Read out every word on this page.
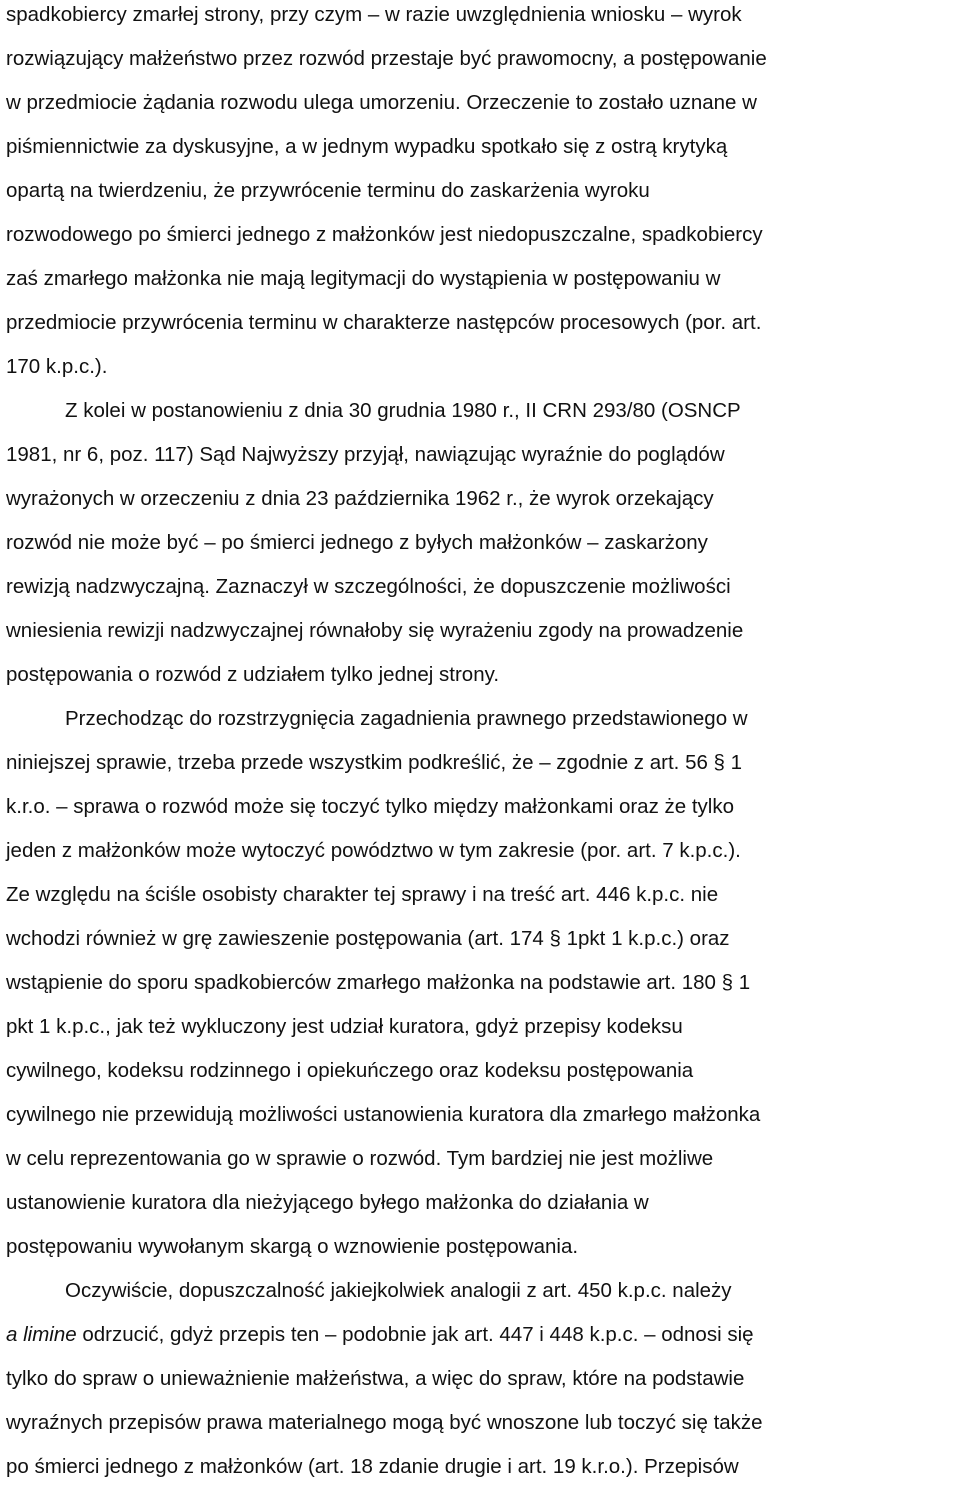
spadkobiercy zmarłej strony, przy czym – w razie uwzględnienia wniosku – wyrok
rozwiązujący małżeństwo przez rozwód przestaje być prawomocny, a postępowanie
w przedmiocie żądania rozwodu ulega umorzeniu. Orzeczenie to zostało uznane w
piśmiennictwie za dyskusyjne, a w jednym wypadku spotkało się z ostrą krytyką
opartą na twierdzeniu, że przywrócenie terminu do zaskarżenia wyroku
rozwodowego po śmierci jednego z małżonków jest niedopuszczalne, spadkobiercy
zaś zmarłego małżonka nie mają legitymacji do wystąpienia w postępowaniu w
przedmiocie przywrócenia terminu w charakterze następców procesowych (por. art.
170 k.p.c.).
Z kolei w postanowieniu z dnia 30 grudnia 1980 r., II CRN 293/80 (OSNCP
1981, nr 6, poz. 117) Sąd Najwyższy przyjął, nawiązując wyraźnie do poglądów
wyrażonych w orzeczeniu z dnia 23 października 1962 r., że wyrok orzekający
rozwód nie może być – po śmierci jednego z byłych małżonków – zaskarżony
rewizją nadzwyczajną. Zaznaczył w szczególności, że dopuszczenie możliwości
wniesienia rewizji nadzwyczajnej równałoby się wyrażeniu zgody na prowadzenie
postępowania o rozwód z udziałem tylko jednej strony.
Przechodząc do rozstrzygnięcia zagadnienia prawnego przedstawionego w
niniejszej sprawie, trzeba przede wszystkim podkreślić, że – zgodnie z art. 56 § 1
k.r.o. – sprawa o rozwód może się toczyć tylko między małżonkami oraz że tylko
jeden z małżonków może wytoczyć powództwo w tym zakresie (por. art. 7 k.p.c.).
Ze względu na ściśle osobisty charakter tej sprawy i na treść art. 446 k.p.c. nie
wchodzi również w grę zawieszenie postępowania (art. 174 § 1pkt 1 k.p.c.) oraz
wstąpienie do sporu spadkobierców zmarłego małżonka na podstawie art. 180 § 1
pkt 1 k.p.c., jak też wykluczony jest udział kuratora, gdyż przepisy kodeksu
cywilnego, kodeksu rodzinnego i opiekuńczego oraz kodeksu postępowania
cywilnego nie przewidują możliwości ustanowienia kuratora dla zmarłego małżonka
w celu reprezentowania go w sprawie o rozwód. Tym bardziej nie jest możliwe
ustanowienie kuratora dla nieżyjącego byłego małżonka do działania w
postępowaniu wywołanym skargą o wznowienie postępowania.
Oczywiście, dopuszczalność jakiejkolwiek analogii z art. 450 k.p.c. należy
a limine odrzucić, gdyż przepis ten – podobnie jak art. 447 i 448 k.p.c. – odnosi się
tylko do spraw o unieważnienie małżeństwa, a więc do spraw, które na podstawie
wyraźnych przepisów prawa materialnego mogą być wnoszone lub toczyć się także
po śmierci jednego z małżonków (art. 18 zdanie drugie i art. 19 k.r.o.). Przepisów
